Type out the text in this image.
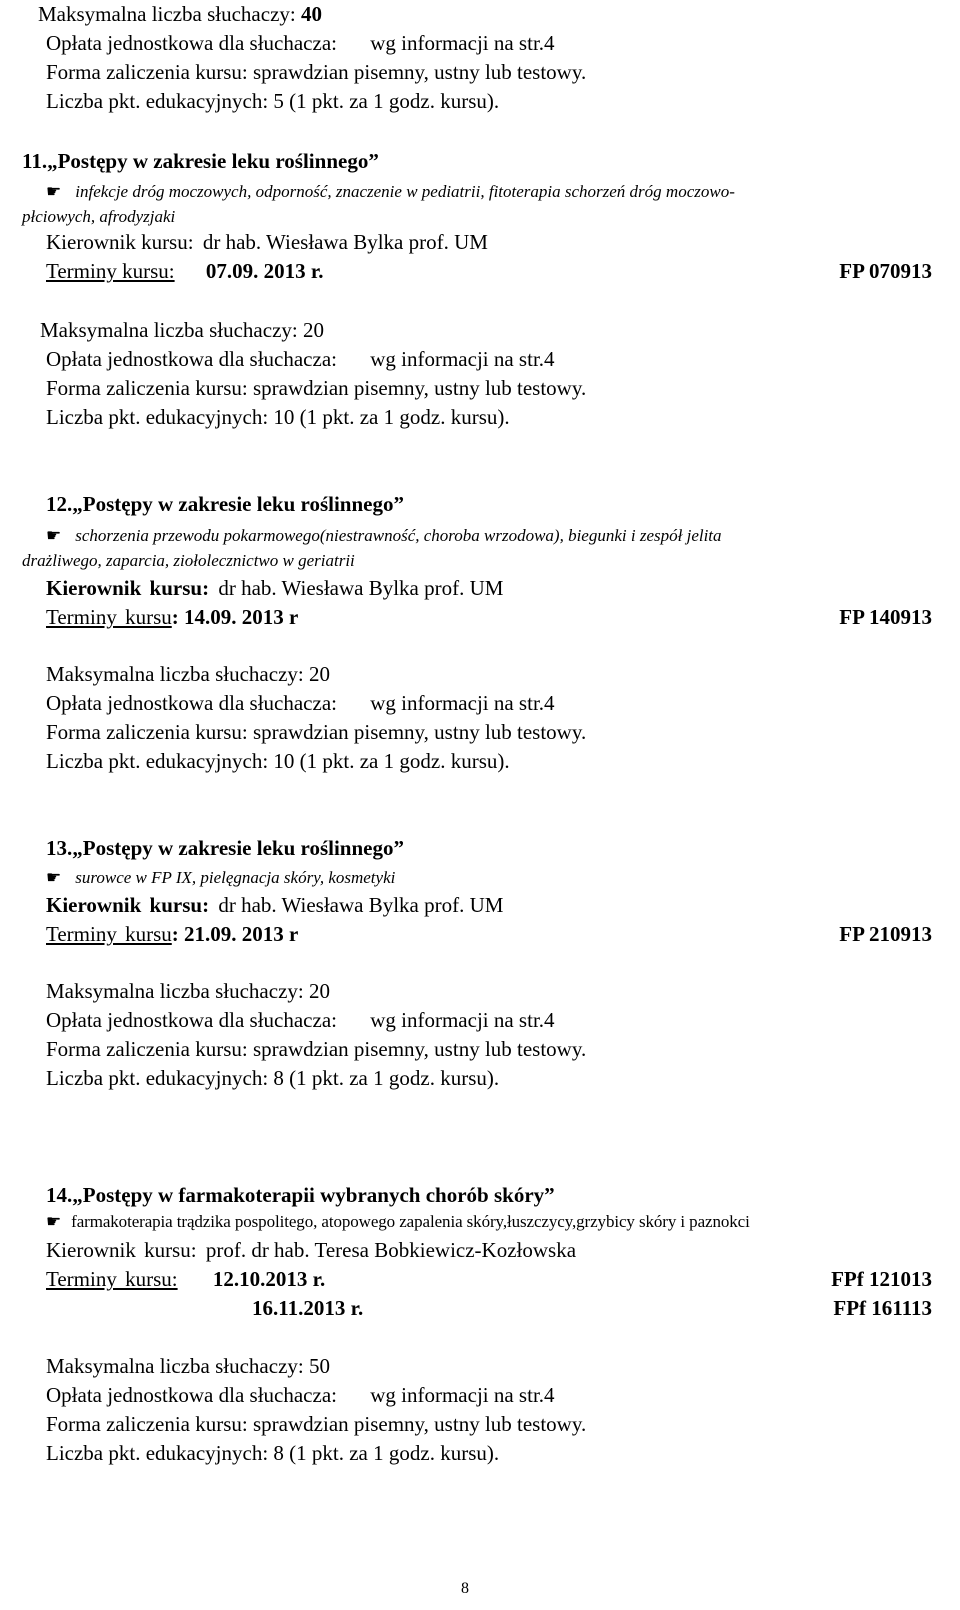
Maksymalna liczba słuchaczy: 40
Opłata jednostkowa dla słuchacza: wg informacji na str.4
Forma zaliczenia kursu: sprawdzian pisemny, ustny lub testowy.
Liczba pkt. edukacyjnych: 5 (1 pkt. za 1 godz. kursu).
11.„Postępy w zakresie leku roślinnego”
☛ infekcje dróg moczowych, odporność, znaczenie w pediatrii, fitoterapia schorzeń dróg moczowo-
płciowych, afrodyzjaki
Kierownik kursu: dr hab. Wiesława Bylka prof. UM
Terminy kursu: 07.09. 2013 r.	FP 070913
Maksymalna liczba słuchaczy: 20
Opłata jednostkowa dla słuchacza: wg informacji na str.4
Forma zaliczenia kursu: sprawdzian pisemny, ustny lub testowy.
Liczba pkt. edukacyjnych: 10 (1 pkt. za 1 godz. kursu).
12.„Postępy w zakresie leku roślinnego”
☛ schorzenia przewodu pokarmowego(niestrawność, choroba wrzodowa), biegunki i zespół jelita
drażliwego, zaparcia, ziołolecznictwo w geriatrii
Kierownik kursu: dr hab. Wiesława Bylka prof. UM
Terminy kursu: 14.09. 2013 r	FP 140913
Maksymalna liczba słuchaczy: 20
Opłata jednostkowa dla słuchacza: wg informacji na str.4
Forma zaliczenia kursu: sprawdzian pisemny, ustny lub testowy.
Liczba pkt. edukacyjnych: 10 (1 pkt. za 1 godz. kursu).
13.„Postępy w zakresie leku roślinnego”
☛ surowce w FP IX, pielęgnacja skóry, kosmetyki
Kierownik kursu: dr hab. Wiesława Bylka prof. UM
Terminy kursu: 21.09. 2013 r	FP 210913
Maksymalna liczba słuchaczy: 20
Opłata jednostkowa dla słuchacza: wg informacji na str.4
Forma zaliczenia kursu: sprawdzian pisemny, ustny lub testowy.
Liczba pkt. edukacyjnych: 8 (1 pkt. za 1 godz. kursu).
14.„Postępy w farmakoterapii wybranych chorób skóry”
☛ farmakoterapia trądzika pospolitego, atopowego zapalenia skóry,łuszczycy,grzybicy skóry i paznokci
Kierownik kursu: prof. dr hab. Teresa Bobkiewicz-Kozłowska
Terminy kursu: 12.10.2013 r.	FPf 121013
16.11.2013 r.	FPf 161113
Maksymalna liczba słuchaczy: 50
Opłata jednostkowa dla słuchacza: wg informacji na str.4
Forma zaliczenia kursu: sprawdzian pisemny, ustny lub testowy.
Liczba pkt. edukacyjnych: 8 (1 pkt. za 1 godz. kursu).
8
